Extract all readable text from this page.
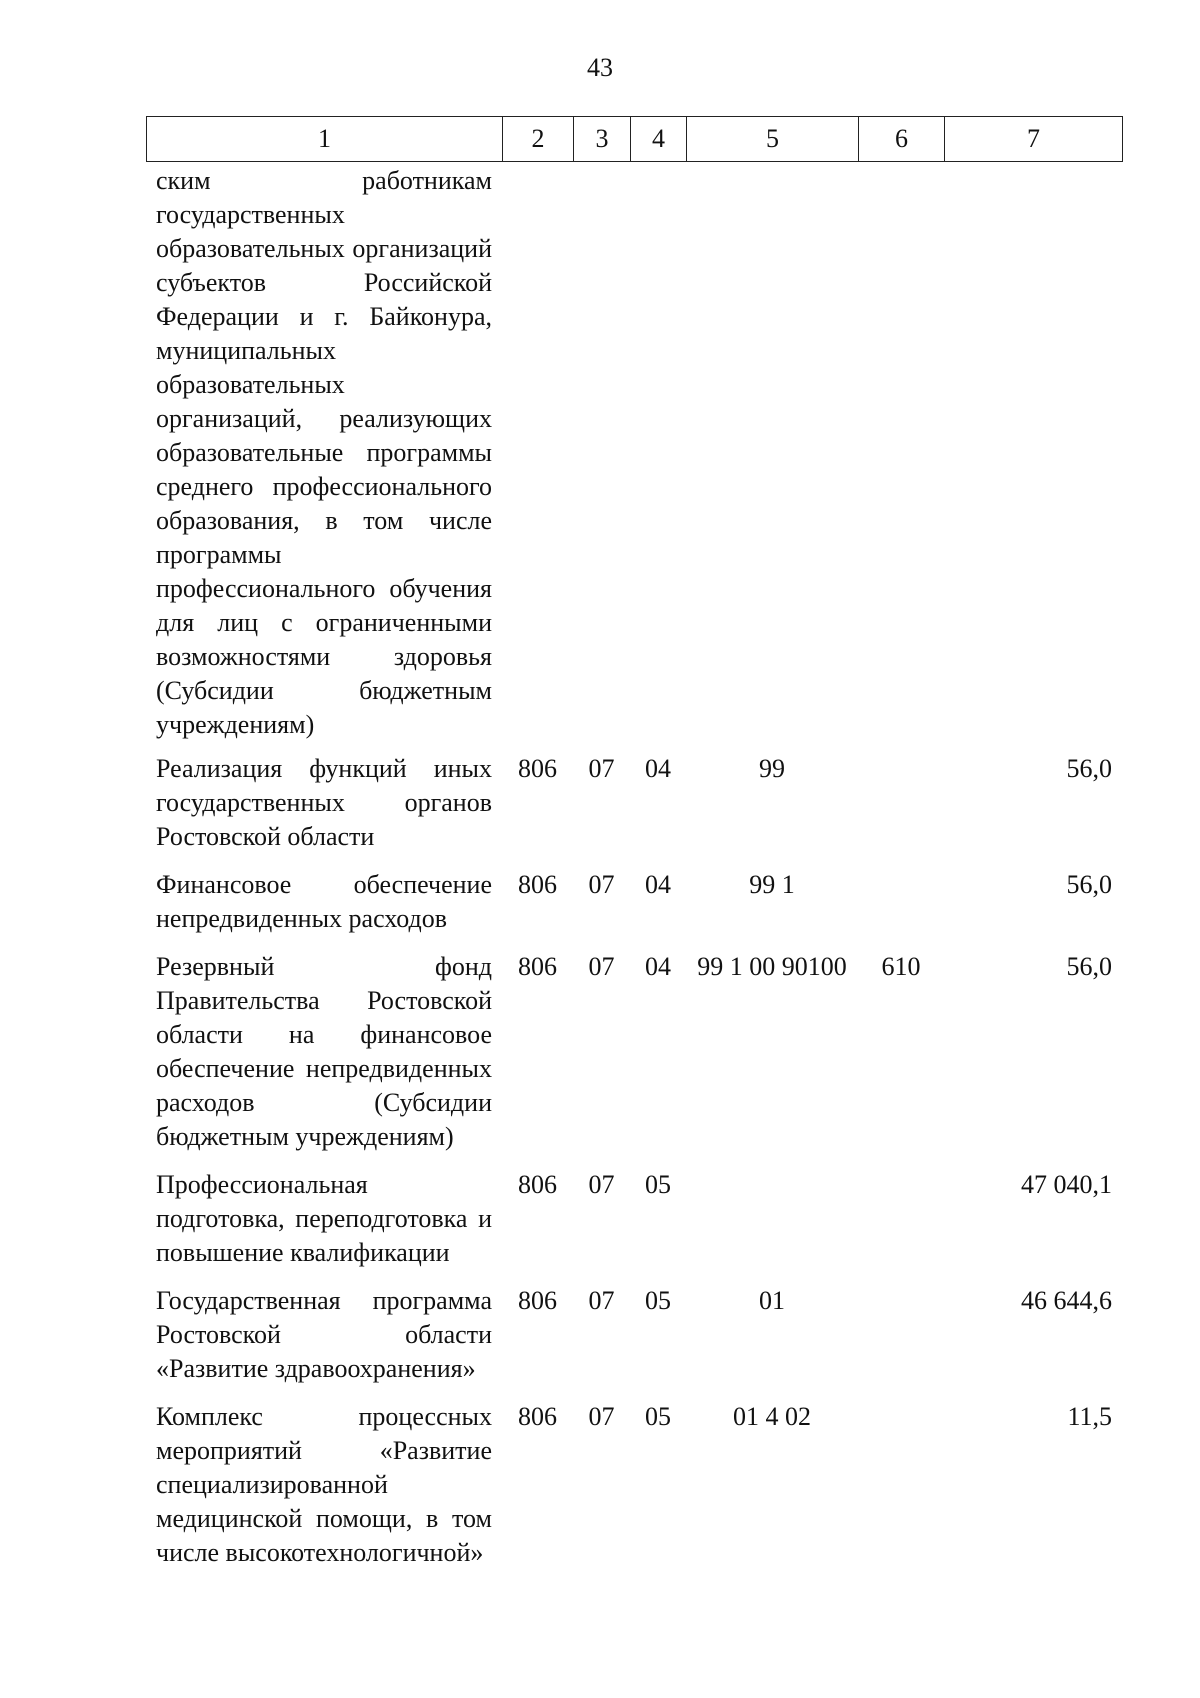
43
1	2	3	4	5	6	7
ским работникам государственных образовательных организаций субъектов Российской Федерации и г. Байконура, муниципальных образовательных организаций, реализующих образовательные программы среднего профессионального образования, в том числе программы профессионального обучения для лиц с ограниченными возможностями здоровья (Субсидии бюджетным учреждениям)						
Реализация функций иных государственных органов Ростовской области	806	07	04	99		56,0
Финансовое обеспечение непредвиденных расходов	806	07	04	99 1		56,0
Резервный фонд Правительства Ростовской области на финансовое обеспечение непредвиденных расходов (Субсидии бюджетным учреждениям)	806	07	04	99 1 00 90100	610	56,0
Профессиональная подготовка, переподготовка и повышение квалификации	806	07	05			47 040,1
Государственная программа Ростовской области «Развитие здравоохранения»	806	07	05	01		46 644,6
Комплекс процессных мероприятий «Развитие специализированной медицинской помощи, в том числе высокотехнологичной»	806	07	05	01 4 02		11,5
